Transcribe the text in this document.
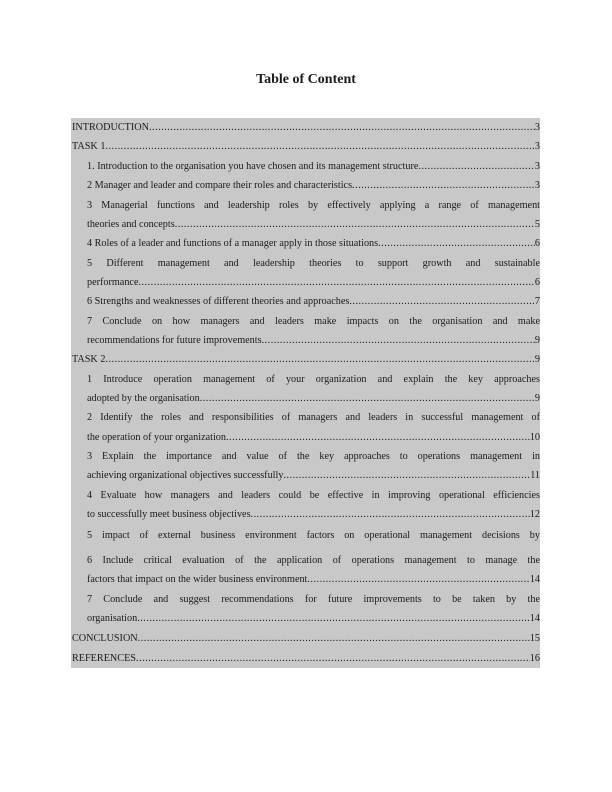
Table of Content
INTRODUCTION .....	3
TASK 1 .....	3
1. Introduction to the organisation you have chosen and its management structure .....	3
2 Manager and leader and compare their roles and characteristics .....	3
3 Managerial functions and leadership roles by effectively applying a range of management
theories and concepts .....	5
4 Roles of a leader and functions of a manager apply in those situations .....	6
5 Different management and leadership theories to support growth and sustainable
performance .....	6
6 Strengths and weaknesses of different theories and approaches .....	7
7 Conclude on how managers and leaders make impacts on the organisation and make
recommendations for future improvements .....	9
TASK 2 .....	9
1 Introduce operation management of your organization and explain the key approaches
adopted by the organisation .....	9
2 Identify the roles and responsibilities of managers and leaders in successful management of
the operation of your organization .....	10
3 Explain the importance and value of the key approaches to operations management in
achieving organizational objectives successfully .....	11
4 Evaluate how managers and leaders could be effective in improving operational efficiencies
to successfully meet business objectives .....	12
5 impact of external business environment factors on operational management decisions by
6 Include critical evaluation of the application of operations management to manage the
factors that impact on the wider business environment .....	14
7 Conclude and suggest recommendations for future improvements to be taken by the
organisation .....	14
CONCLUSION .....	15
REFERENCES .....	16
